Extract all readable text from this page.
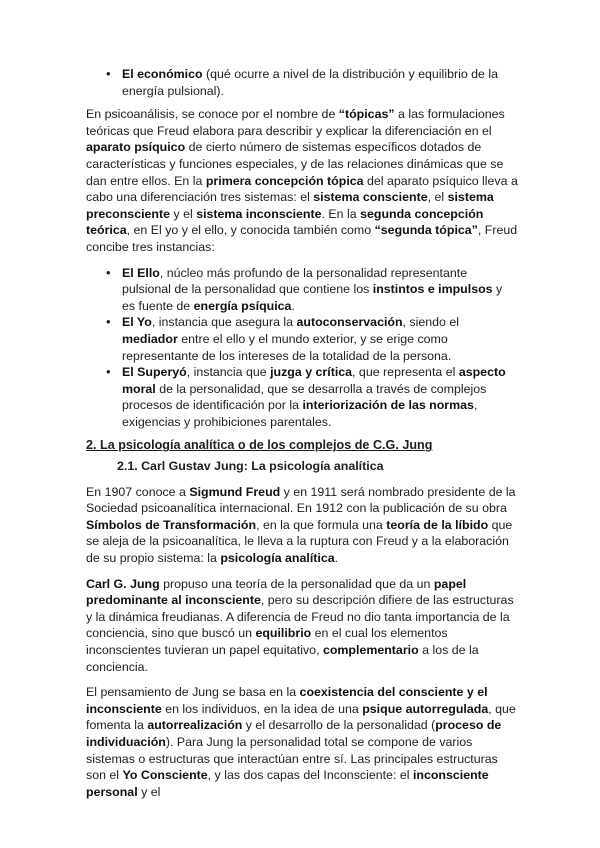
• El económico (qué ocurre a nivel de la distribución y equilibrio de la energía pulsional).

En psicoanálisis, se conoce por el nombre de “tópicas” a las formulaciones teóricas que Freud elabora para describir y explicar la diferenciación en el aparato psíquico de cierto número de sistemas específicos dotados de características y funciones especiales, y de las relaciones dinámicas que se dan entre ellos. En la primera concepción tópica del aparato psíquico lleva a cabo una diferenciación tres sistemas: el sistema consciente, el sistema preconsciente y el sistema inconsciente. En la segunda concepción teórica, en El yo y el ello, y conocida también como “segunda tópica”, Freud concibe tres instancias:

• El Ello, núcleo más profundo de la personalidad representante pulsional de la personalidad que contiene los instintos e impulsos y es fuente de energía psíquica.
• El Yo, instancia que asegura la autoconservación, siendo el mediador entre el ello y el mundo exterior, y se erige como representante de los intereses de la totalidad de la persona.
• El Superyó, instancia que juzga y crítica, que representa el aspecto moral de la personalidad, que se desarrolla a través de complejos procesos de identificación por la interiorización de las normas, exigencias y prohibiciones parentales.
2. La psicología analítica o de los complejos de C.G. Jung
2.1. Carl Gustav Jung: La psicología analítica

En 1907 conoce a Sigmund Freud y en 1911 será nombrado presidente de la Sociedad psicoanalítica internacional. En 1912 con la publicación de su obra Símbolos de Transformación, en la que formula una teoría de la líbido que se aleja de la psicoanalítica, le lleva a la ruptura con Freud y a la elaboración de su propio sistema: la psicología analítica.

Carl G. Jung propuso una teoría de la personalidad que da un papel predominante al inconsciente, pero su descripción difiere de las estructuras y la dinámica freudianas. A diferencia de Freud no dio tanta importancia de la conciencia, sino que buscó un equilibrio en el cual los elementos inconscientes tuvieran un papel equitativo, complementario a los de la conciencia.

El pensamiento de Jung se basa en la coexistencia del consciente y el inconsciente en los individuos, en la idea de una psique autorregulada, que fomenta la autorrealización y el desarrollo de la personalidad (proceso de individuación). Para Jung la personalidad total se compone de varios sistemas o estructuras que interactúan entre sí. Las principales estructuras son el Yo Consciente, y las dos capas del Inconsciente: el inconsciente personal y el
